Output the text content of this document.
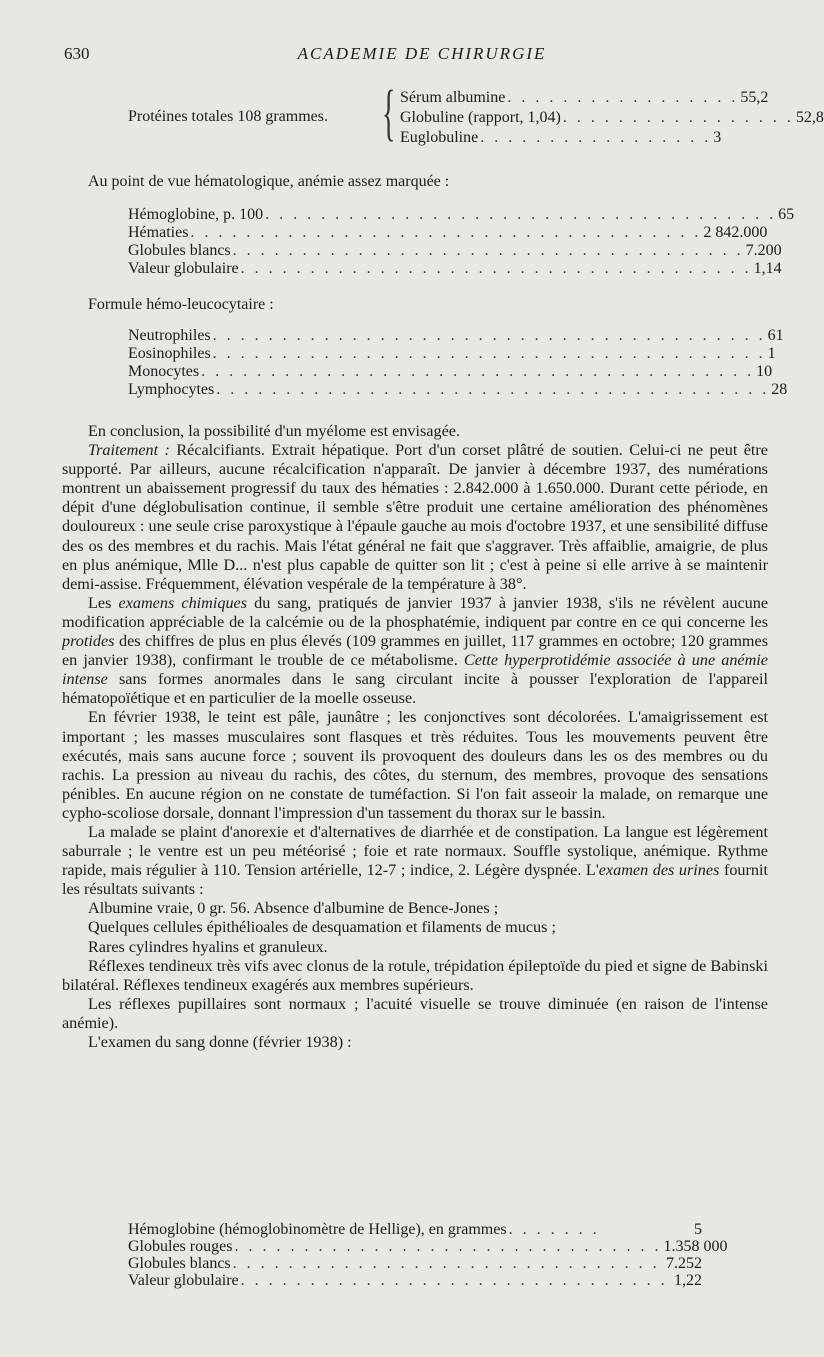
630	ACADEMIE DE CHIRURGIE
Protéines totales 108 grammes. { Sérum albumine . . . . . . . . . . . . . . . . . 55,2
Globuline (rapport, 1,04) . . . . . . . . . . . . . . . . . 52,8
Euglobuline . . . . . . . . . . . . . . . . . 3
Au point de vue hématologique, anémie assez marquée :
Hémoglobine, p. 100 . . . . . . . . . . . . . . . . . . . . . . . . . . . . . . . . . . . . . 65
Hématies . . . . . . . . . . . . . . . . . . . . . . . . . . . . . . . . . . . . . 2 842.000
Globules blancs . . . . . . . . . . . . . . . . . . . . . . . . . . . . . . . . . . . . . 7.200
Valeur globulaire . . . . . . . . . . . . . . . . . . . . . . . . . . . . . . . . . . . . . 1,14
Formule hémo-leucocytaire :
Neutrophiles . . . . . . . . . . . . . . . . . . . . . . . . . . . . . . . . . . . . . . . . 61
Eosinophiles . . . . . . . . . . . . . . . . . . . . . . . . . . . . . . . . . . . . . . . . 1
Monocytes . . . . . . . . . . . . . . . . . . . . . . . . . . . . . . . . . . . . . . . . 10
Lymphocytes . . . . . . . . . . . . . . . . . . . . . . . . . . . . . . . . . . . . . . . . 28

En conclusion, la possibilité d'un myélome est envisagée.

Traitement : Récalcifiants. Extrait hépatique. Port d'un corset plâtré de soutien. Celui-ci ne peut être supporté. Par ailleurs, aucune récalcification n'apparaît. De janvier à décembre 1937, des numérations montrent un abaissement progressif du taux des hématies : 2.842.000 à 1.650.000. Durant cette période, en dépit d'une déglobulisation continue, il semble s'être produit une certaine amélioration des phénomènes douloureux : une seule crise paroxystique à l'épaule gauche au mois d'octobre 1937, et une sensibilité diffuse des os des membres et du rachis. Mais l'état général ne fait que s'aggraver. Très affaiblie, amaigrie, de plus en plus anémique, Mlle D... n'est plus capable de quitter son lit ; c'est à peine si elle arrive à se maintenir demi-assise. Fréquemment, élévation vespérale de la température à 38°.

Les examens chimiques du sang, pratiqués de janvier 1937 à janvier 1938, s'ils ne révèlent aucune modification appréciable de la calcémie ou de la phosphatémie, indiquent par contre en ce qui concerne les protides des chiffres de plus en plus élevés (109 grammes en juillet, 117 grammes en octobre; 120 grammes en janvier 1938), confirmant le trouble de ce métabolisme. Cette hyperprotidémie associée à une anémie intense sans formes anormales dans le sang circulant incite à pousser l'exploration de l'appareil hématopoïétique et en particulier de la moelle osseuse.

En février 1938, le teint est pâle, jaunâtre ; les conjonctives sont décolorées. L'amaigrissement est important ; les masses musculaires sont flasques et très réduites. Tous les mouvements peuvent être exécutés, mais sans aucune force ; souvent ils provoquent des douleurs dans les os des membres ou du rachis. La pression au niveau du rachis, des côtes, du sternum, des membres, provoque des sensations pénibles. En aucune région on ne constate de tuméfaction. Si l'on fait asseoir la malade, on remarque une cypho-scoliose dorsale, donnant l'impression d'un tassement du thorax sur le bassin.

La malade se plaint d'anorexie et d'alternatives de diarrhée et de constipation. La langue est légèrement saburrale ; le ventre est un peu météorisé ; foie et rate normaux. Souffle systolique, anémique. Rythme rapide, mais régulier à 110. Tension artérielle, 12-7 ; indice, 2. Légère dyspnée. L'examen des urines fournit les résultats suivants :

Albumine vraie, 0 gr. 56. Absence d'albumine de Bence-Jones ;

Quelques cellules épithélioales de desquamation et filaments de mucus ;

Rares cylindres hyalins et granuleux.

Réflexes tendineux très vifs avec clonus de la rotule, trépidation épileptoïde du pied et signe de Babinski bilatéral. Réflexes tendineux exagérés aux membres supérieurs.

Les réflexes pupillaires sont normaux ; l'acuité visuelle se trouve diminuée (en raison de l'intense anémie).

L'examen du sang donne (février 1938) :

Hémoglobine (hémoglobinomètre de Hellige), en grammes . . . . . . .	5
Globules rouges . . . . . . . . . . . . . . . . . . . . . . . . . . . . . . . 1.358 000
Globules blancs . . . . . . . . . . . . . . . . . . . . . . . . . . . . . . . 7.252
Valeur globulaire . . . . . . . . . . . . . . . . . . . . . . . . . . . . . . . 1,22
